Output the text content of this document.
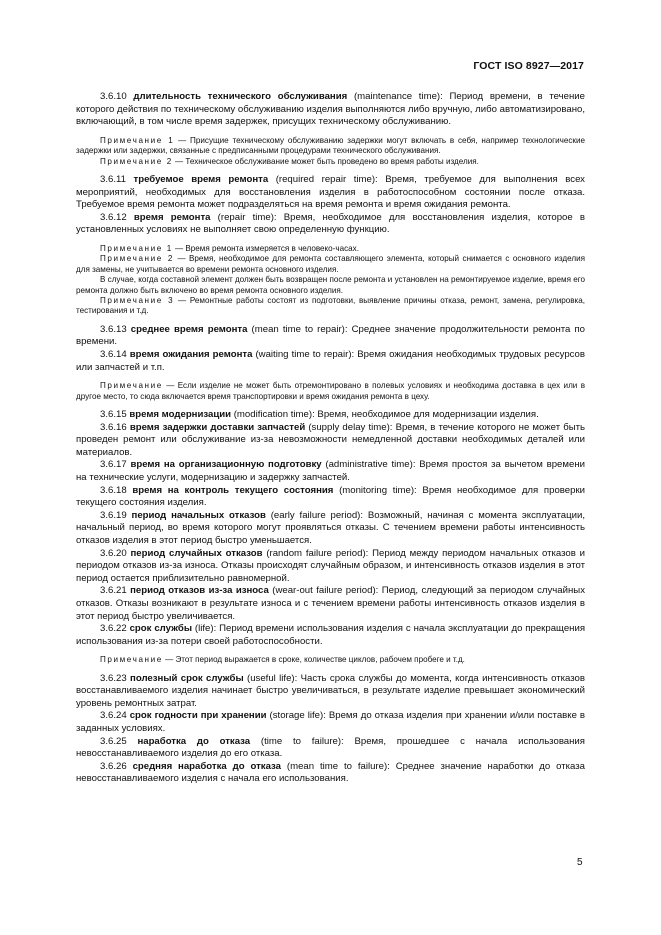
ГОСТ ISO 8927—2017

3.6.10 длительность технического обслуживания (maintenance time): Период времени, в течение которого действия по техническому обслуживанию изделия выполняются либо вручную, либо автоматизировано, включающий, в том числе время задержек, присущих техническому обслуживанию.

Примечание 1 — Присущие техническому обслуживанию задержки могут включать в себя, например технологические задержки или задержки, связанные с предписанными процедурами технического обслуживания.

Примечание 2 — Техническое обслуживание может быть проведено во время работы изделия.

3.6.11 требуемое время ремонта (required repair time): Время, требуемое для выполнения всех мероприятий, необходимых для восстановления изделия в работоспособном состоянии после отказа. Требуемое время ремонта может подразделяться на время ремонта и время ожидания ремонта.

3.6.12 время ремонта (repair time): Время, необходимое для восстановления изделия, которое в установленных условиях не выполняет свою определенную функцию.

Примечание 1 — Время ремонта измеряется в человеко-часах.

Примечание 2 — Время, необходимое для ремонта составляющего элемента, который снимается с основного изделия для замены, не учитывается во времени ремонта основного изделия.

В случае, когда составной элемент должен быть возвращен после ремонта и установлен на ремонтируемое изделие, время его ремонта должно быть включено во время ремонта основного изделия.

Примечание 3 — Ремонтные работы состоят из подготовки, выявление причины отказа, ремонт, замена, регулировка, тестирования и т.д.

3.6.13 среднее время ремонта (mean time to repair): Среднее значение продолжительности ремонта по времени.

3.6.14 время ожидания ремонта (waiting time to repair): Время ожидания необходимых трудовых ресурсов или запчастей и т.п.

Примечание — Если изделие не может быть отремонтировано в полевых условиях и необходима доставка в цех или в другое место, то сюда включается время транспортировки и время ожидания ремонта в цеху.

3.6.15 время модернизации (modification time): Время, необходимое для модернизации изделия.

3.6.16 время задержки доставки запчастей (supply delay time): Время, в течение которого не может быть проведен ремонт или обслуживание из-за невозможности немедленной доставки необходимых деталей или материалов.

3.6.17 время на организационную подготовку (administrative time): Время простоя за вычетом времени на технические услуги, модернизацию и задержку запчастей.

3.6.18 время на контроль текущего состояния (monitoring time): Время необходимое для проверки текущего состояния изделия.

3.6.19 период начальных отказов (early failure period): Возможный, начиная с момента эксплуатации, начальный период, во время которого могут проявляться отказы. С течением времени работы интенсивность отказов изделия в этот период быстро уменьшается.

3.6.20 период случайных отказов (random failure period): Период между периодом начальных отказов и периодом отказов из-за износа. Отказы происходят случайным образом, и интенсивность отказов изделия в этот период остается приблизительно равномерной.

3.6.21 период отказов из-за износа (wear-out failure period): Период, следующий за периодом случайных отказов. Отказы возникают в результате износа и с течением времени работы интенсивность отказов изделия в этот период быстро увеличивается.

3.6.22 срок службы (life): Период времени использования изделия с начала эксплуатации до прекращения использования из-за потери своей работоспособности.

Примечание — Этот период выражается в сроке, количестве циклов, рабочем пробеге и т.д.

3.6.23 полезный срок службы (useful life): Часть срока службы до момента, когда интенсивность отказов восстанавливаемого изделия начинает быстро увеличиваться, в результате изделие превышает экономический уровень ремонтных затрат.

3.6.24 срок годности при хранении (storage life): Время до отказа изделия при хранении и/или поставке в заданных условиях.

3.6.25 наработка до отказа (time to failure): Время, прошедшее с начала использования невосстанавливаемого изделия до его отказа.

3.6.26 средняя наработка до отказа (mean time to failure): Среднее значение наработки до отказа невосстанавливаемого изделия с начала его использования.

5
